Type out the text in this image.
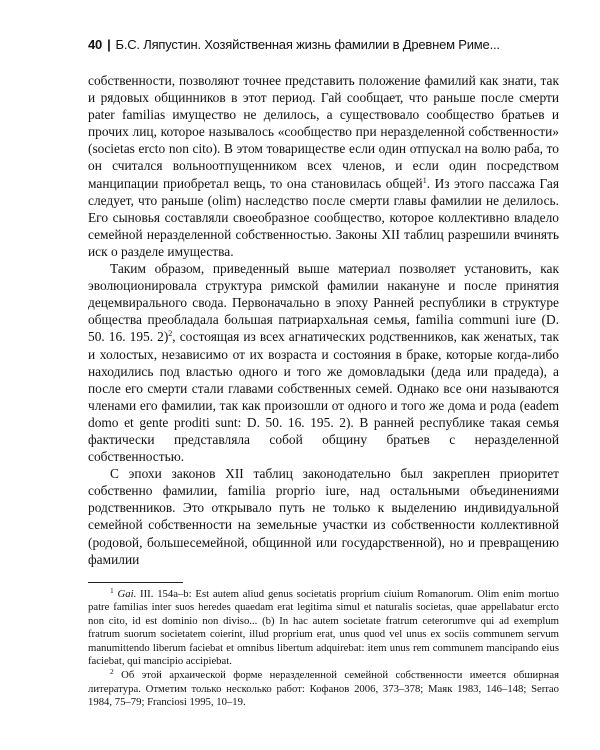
40 | Б.С. Ляпустин. Хозяйственная жизнь фамилии в Древнем Риме...

собственности, позволяют точнее представить положение фамилий как знати, так и рядовых общинников в этот период. Гай сообщает, что раньше после смерти pater familias имущество не делилось, а существовало сообщество братьев и прочих лиц, которое называлось «сообщество при неразделенной собственности» (societas ercto non cito). В этом товариществе если один отпускал на волю раба, то он считался вольноотпущенником всех членов, и если один посредством манципации приобретал вещь, то она становилась общей$^1$. Из этого пассажа Гая следует, что раньше (olim) наследство после смерти главы фамилии не делилось. Его сыновья составляли своеобразное сообщество, которое коллективно владело семейной неразделенной собственностью. Законы XII таблиц разрешили вчинять иск о разделе имущества.

Таким образом, приведенный выше материал позволяет установить, как эволюционировала структура римской фамилии накануне и после принятия децемвирального свода. Первоначально в эпоху Ранней республики в структуре общества преобладала большая патриархальная семья, familia communi iure (D. 50. 16. 195. 2)$^2$, состоящая из всех агнатических родственников, как женатых, так и холостых, независимо от их возраста и состояния в браке, которые когда-либо находились под властью одного и того же домовладыки (деда или прадеда), а после его смерти стали главами собственных семей. Однако все они называются членами его фамилии, так как произошли от одного и того же дома и рода (eadem domo et gente proditi sunt: D. 50. 16. 195. 2). В ранней республике такая семья фактически представляла собой общину братьев с неразделенной собственностью.

С эпохи законов XII таблиц законодательно был закреплен приоритет собственно фамилии, familia proprio iure, над остальными объединениями родственников. Это открывало путь не только к выделению индивидуальной семейной собственности на земельные участки из собственности коллективной (родовой, большесемейной, общинной или государственной), но и превращению фамилии

$^1$ Gai. III. 154a–b: Est autem aliud genus societatis proprium ciuium Romanorum. Olim enim mortuo patre familias inter suos heredes quaedam erat legitima simul et naturalis societas, quae appellabatur ercto non cito, id est dominio non diviso... (b) In hac autem societate fratrum ceterorumve qui ad exemplum fratrum suorum societatem coierint, illud proprium erat, unus quod vel unus ex sociis communem servum manumittendo liberum faciebat et omnibus libertum adquirebat: item unus rem communem mancipando eius faciebat, qui mancipio accipiebat.

$^2$ Об этой архаической форме неразделенной семейной собственности имеется обширная литература. Отметим только несколько работ: Кофанов 2006, 373–378; Маяк 1983, 146–148; Serrao 1984, 75–79; Franciosi 1995, 10–19.
